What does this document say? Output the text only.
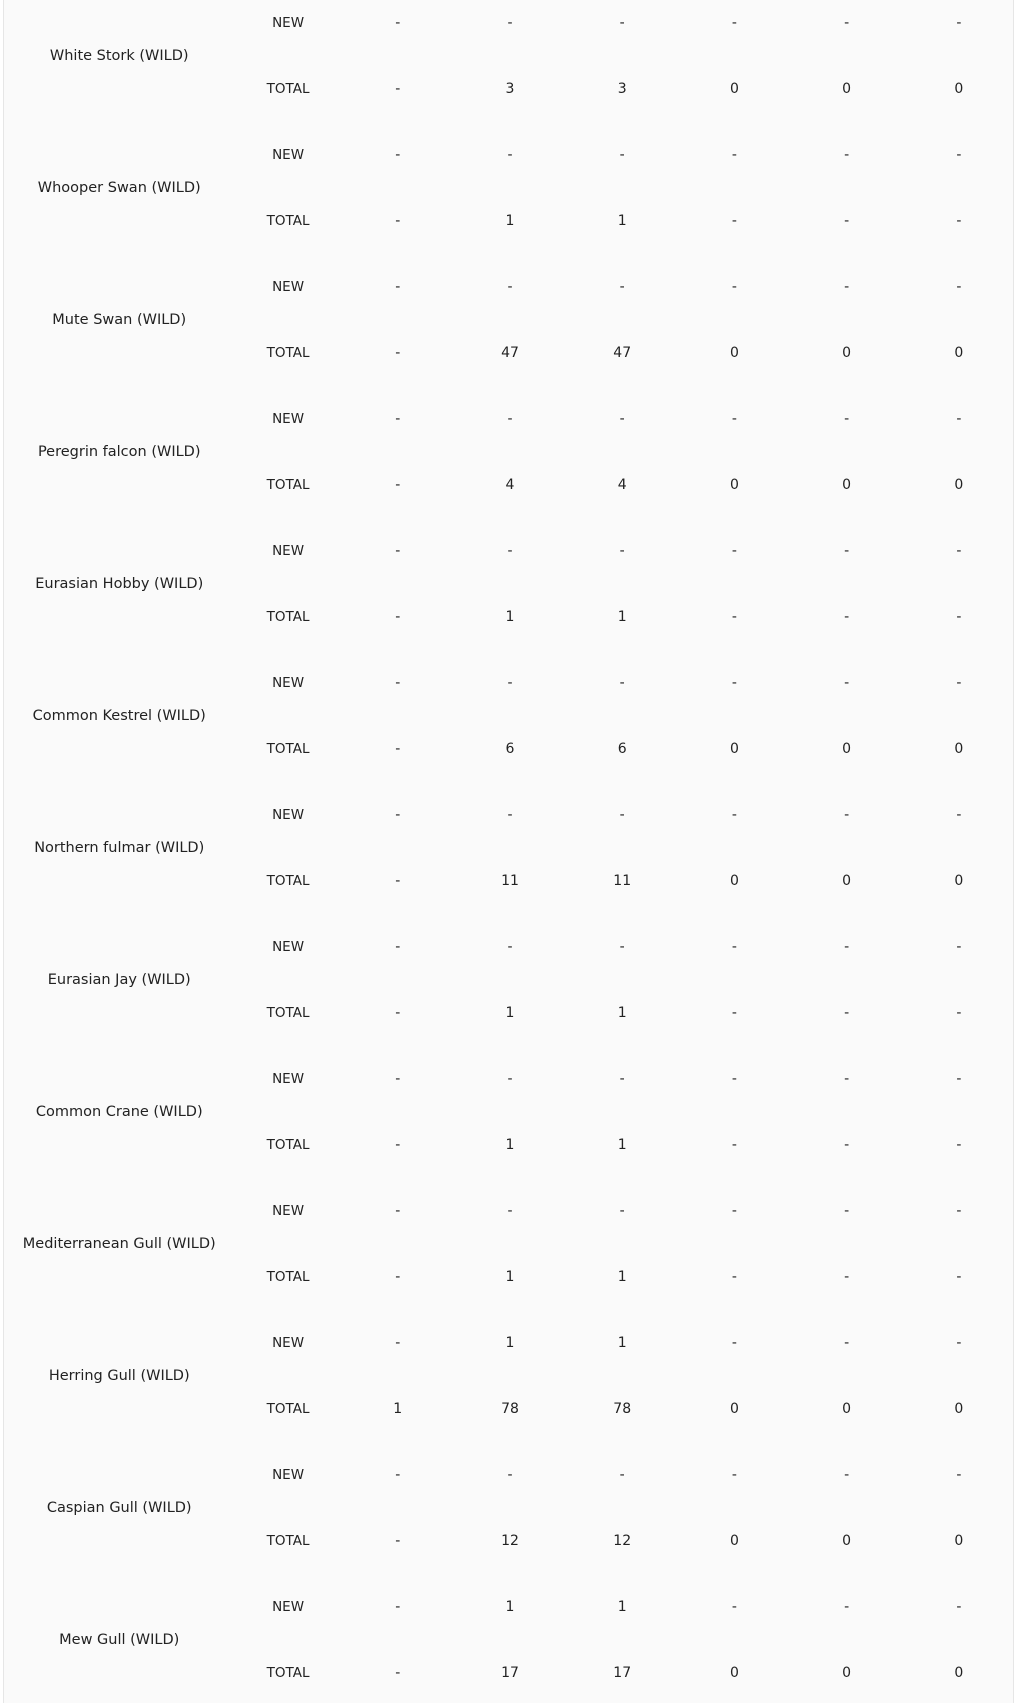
White Stork (WILD)	NEW	-	-	-	-	-	-
	TOTAL	-	3	3	0	0	0
Whooper Swan (WILD)	NEW	-	-	-	-	-	-
	TOTAL	-	1	1	-	-	-
Mute Swan (WILD)	NEW	-	-	-	-	-	-
	TOTAL	-	47	47	0	0	0
Peregrin falcon (WILD)	NEW	-	-	-	-	-	-
	TOTAL	-	4	4	0	0	0
Eurasian Hobby (WILD)	NEW	-	-	-	-	-	-
	TOTAL	-	1	1	-	-	-
Common Kestrel (WILD)	NEW	-	-	-	-	-	-
	TOTAL	-	6	6	0	0	0
Northern fulmar (WILD)	NEW	-	-	-	-	-	-
	TOTAL	-	11	11	0	0	0
Eurasian Jay (WILD)	NEW	-	-	-	-	-	-
	TOTAL	-	1	1	-	-	-
Common Crane (WILD)	NEW	-	-	-	-	-	-
	TOTAL	-	1	1	-	-	-
Mediterranean Gull (WILD)	NEW	-	-	-	-	-	-
	TOTAL	-	1	1	-	-	-
Herring Gull (WILD)	NEW	-	1	1	-	-	-
	TOTAL	1	78	78	0	0	0
Caspian Gull (WILD)	NEW	-	-	-	-	-	-
	TOTAL	-	12	12	0	0	0
Mew Gull (WILD)	NEW	-	1	1	-	-	-
	TOTAL	-	17	17	0	0	0
